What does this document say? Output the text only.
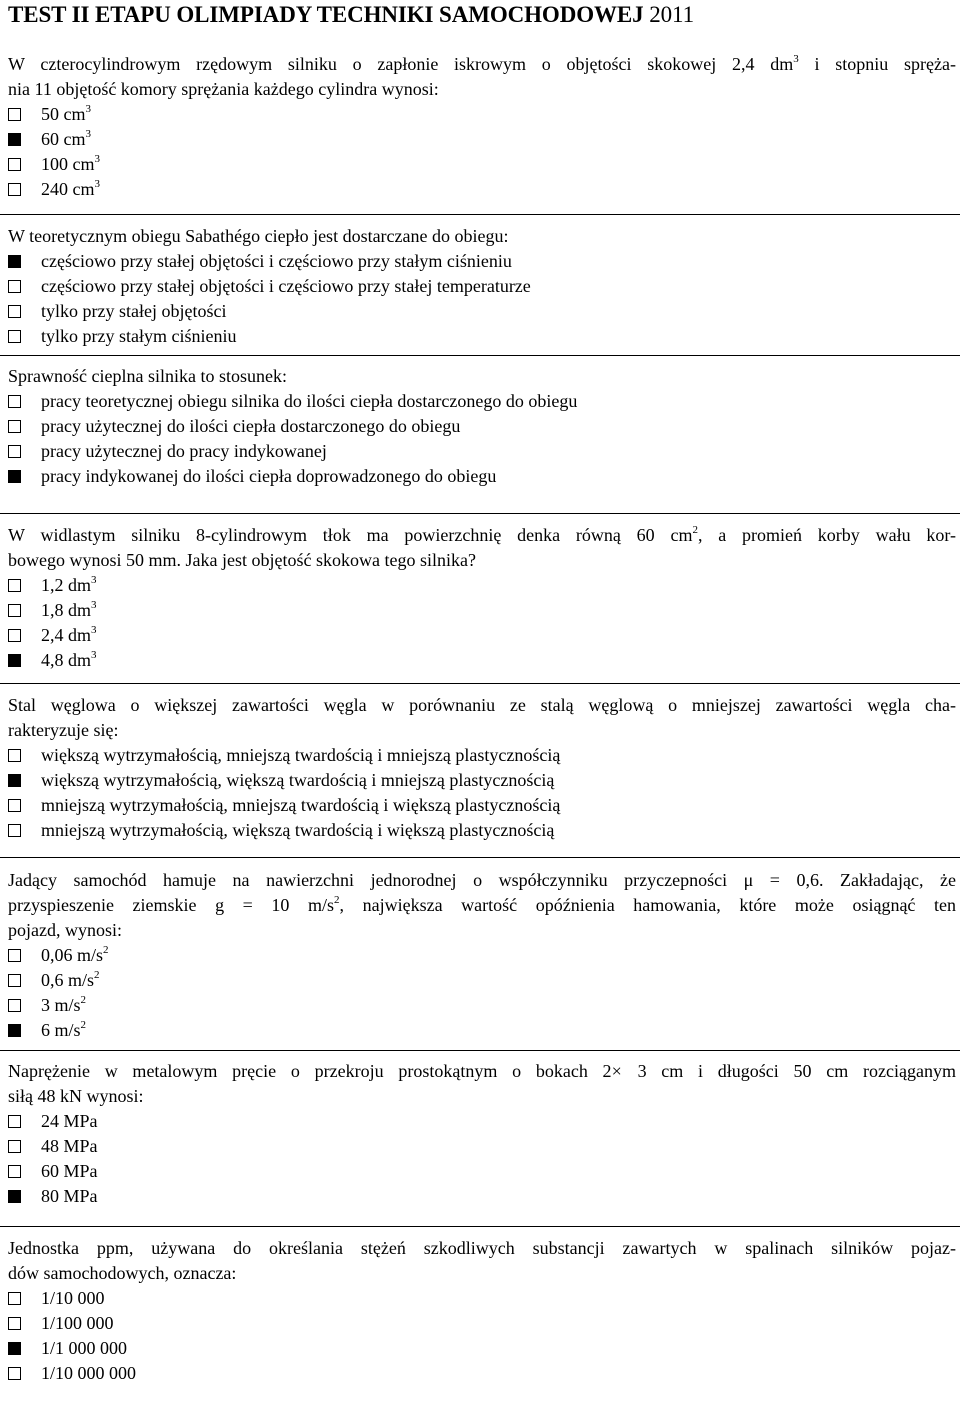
TEST II ETAPU OLIMPIADY TECHNIKI SAMOCHODOWEJ 2011
W czterocylindrowym rzędowym silniku o zapłonie iskrowym o objętości skokowej 2,4 $dm^3$ i stopniu spręża-
nia 11 objętość komory sprężania każdego cylindra wynosi:
50 $cm^3$
60 $cm^3$
100 $cm^3$
240 $cm^3$
W teoretycznym obiegu Sabathégo ciepło jest dostarczane do obiegu:
częściowo przy stałej objętości i częściowo przy stałym ciśnieniu
częściowo przy stałej objętości i częściowo przy stałej temperaturze
tylko przy stałej objętości
tylko przy stałym ciśnieniu
Sprawność cieplna silnika to stosunek:
pracy teoretycznej obiegu silnika do ilości ciepła dostarczonego do obiegu
pracy użytecznej do ilości ciepła dostarczonego do obiegu
pracy użytecznej do pracy indykowanej
pracy indykowanej do ilości ciepła doprowadzonego do obiegu
W widlastym silniku 8-cylindrowym tłok ma powierzchnię denka równą 60 $cm^2$, a promień korby wału kor-
bowego wynosi 50 mm. Jaka jest objętość skokowa tego silnika?
1,2 $dm^3$
1,8 $dm^3$
2,4 $dm^3$
4,8 $dm^3$
Stal węglowa o większej zawartości węgla w porównaniu ze stalą węglową o mniejszej zawartości węgla cha-
rakteryzuje się:
większą wytrzymałością, mniejszą twardością i mniejszą plastycznością
większą wytrzymałością, większą twardością i mniejszą plastycznością
mniejszą wytrzymałością, mniejszą twardością i większą plastycznością
mniejszą wytrzymałością, większą twardością i większą plastycznością
Jadący samochód hamuje na nawierzchni jednorodnej o współczynniku przyczepności μ = 0,6. Zakładając, że
przyspieszenie ziemskie g = 10 $m/s^2$, największa wartość opóźnienia hamowania, które może osiągnąć ten
pojazd, wynosi:
0,06 $m/s^2$
0,6 $m/s^2$
3 $m/s^2$
6 $m/s^2$
Naprężenie w metalowym pręcie o przekroju prostokątnym o bokach 2× 3 cm i długości 50 cm rozciąganym
siłą 48 kN wynosi:
24 MPa
48 MPa
60 MPa
80 MPa
Jednostka ppm, używana do określania stężeń szkodliwych substancji zawartych w spalinach silników pojaz-
dów samochodowych, oznacza:
1/10 000
1/100 000
1/1 000 000
1/10 000 000
